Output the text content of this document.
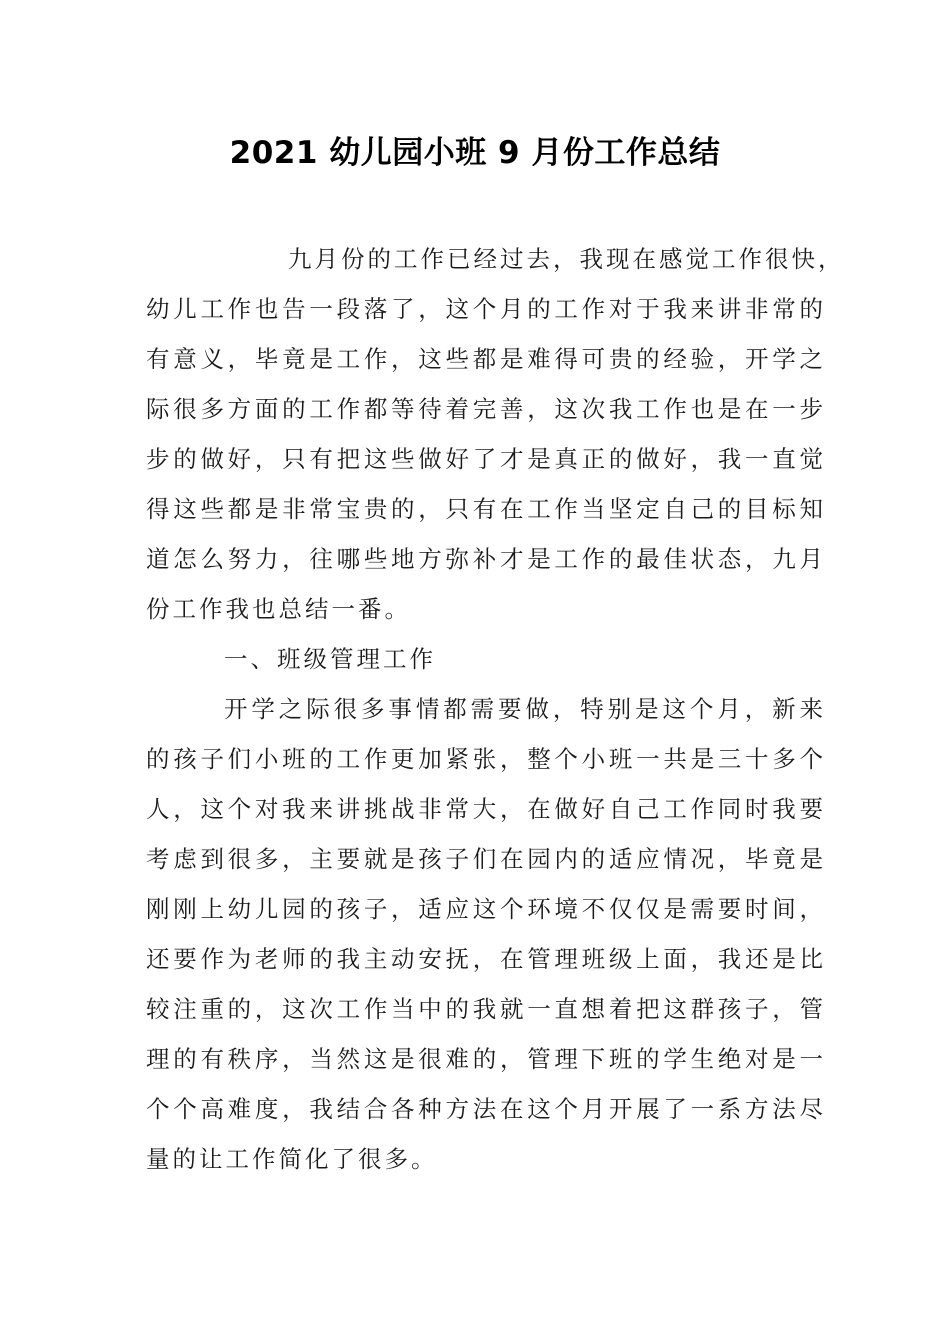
2021 幼儿园小班 9 月份工作总结
九月份的工作已经过去，我现在感觉工作很快，
幼儿工作也告一段落了，这个月的工作对于我来讲非常的
有意义，毕竟是工作，这些都是难得可贵的经验，开学之
际很多方面的工作都等待着完善，这次我工作也是在一步
步的做好，只有把这些做好了才是真正的做好，我一直觉
得这些都是非常宝贵的，只有在工作当坚定自己的目标知
道怎么努力，往哪些地方弥补才是工作的最佳状态，九月
份工作我也总结一番。
一、班级管理工作
开学之际很多事情都需要做，特别是这个月，新来
的孩子们小班的工作更加紧张，整个小班一共是三十多个
人，这个对我来讲挑战非常大，在做好自己工作同时我要
考虑到很多，主要就是孩子们在园内的适应情况，毕竟是
刚刚上幼儿园的孩子，适应这个环境不仅仅是需要时间，
还要作为老师的我主动安抚，在管理班级上面，我还是比
较注重的，这次工作当中的我就一直想着把这群孩子，管
理的有秩序，当然这是很难的，管理下班的学生绝对是一
个个高难度，我结合各种方法在这个月开展了一系方法尽
量的让工作简化了很多。
